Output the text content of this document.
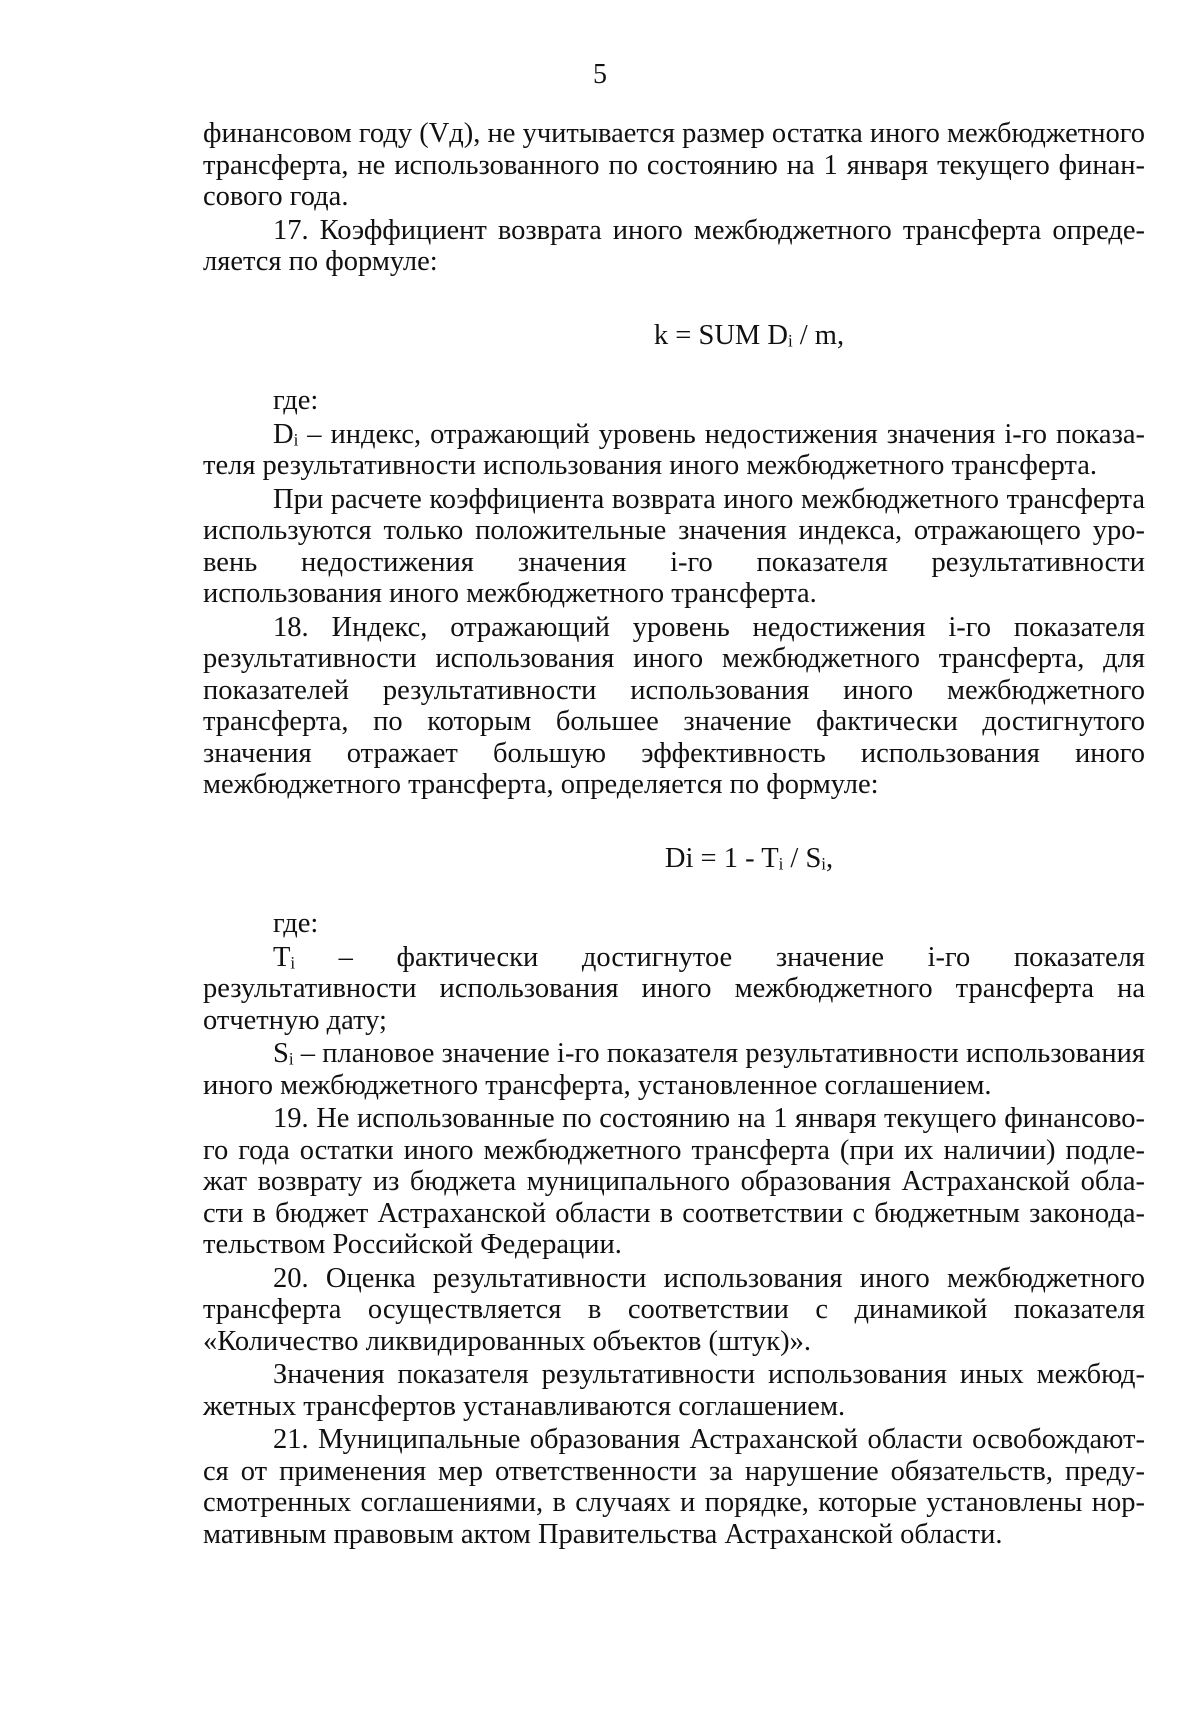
5

финансовом году (Vд), не учитывается размер остатка иного межбюджетного трансферта, не использованного по состоянию на 1 января текущего финансового года.

17. Коэффициент возврата иного межбюджетного трансферта определяется по формуле:

k = SUM Dᵢ / m,

где:

Dᵢ – индекс, отражающий уровень недостижения значения i-го показателя результативности использования иного межбюджетного трансферта.

При расчете коэффициента возврата иного межбюджетного трансферта используются только положительные значения индекса, отражающего уровень недостижения значения i-го показателя результативности использования иного межбюджетного трансферта.

18. Индекс, отражающий уровень недостижения i-го показателя результативности использования иного межбюджетного трансферта, для показателей результативности использования иного межбюджетного трансферта, по которым большее значение фактически достигнутого значения отражает большую эффективность использования иного межбюджетного трансферта, определяется по формуле:

Di = 1 - Tᵢ / Sᵢ,

где:

Tᵢ – фактически достигнутое значение i-го показателя результативности использования иного межбюджетного трансферта на отчетную дату;

Sᵢ – плановое значение i-го показателя результативности использования иного межбюджетного трансферта, установленное соглашением.

19. Не использованные по состоянию на 1 января текущего финансового года остатки иного межбюджетного трансферта (при их наличии) подлежат возврату из бюджета муниципального образования Астраханской области в бюджет Астраханской области в соответствии с бюджетным законодательством Российской Федерации.

20. Оценка результативности использования иного межбюджетного трансферта осуществляется в соответствии с динамикой показателя «Количество ликвидированных объектов (штук)».

Значения показателя результативности использования иных межбюджетных трансфертов устанавливаются соглашением.

21. Муниципальные образования Астраханской области освобождаются от применения мер ответственности за нарушение обязательств, предусмотренных соглашениями, в случаях и порядке, которые установлены нормативным правовым актом Правительства Астраханской области.
